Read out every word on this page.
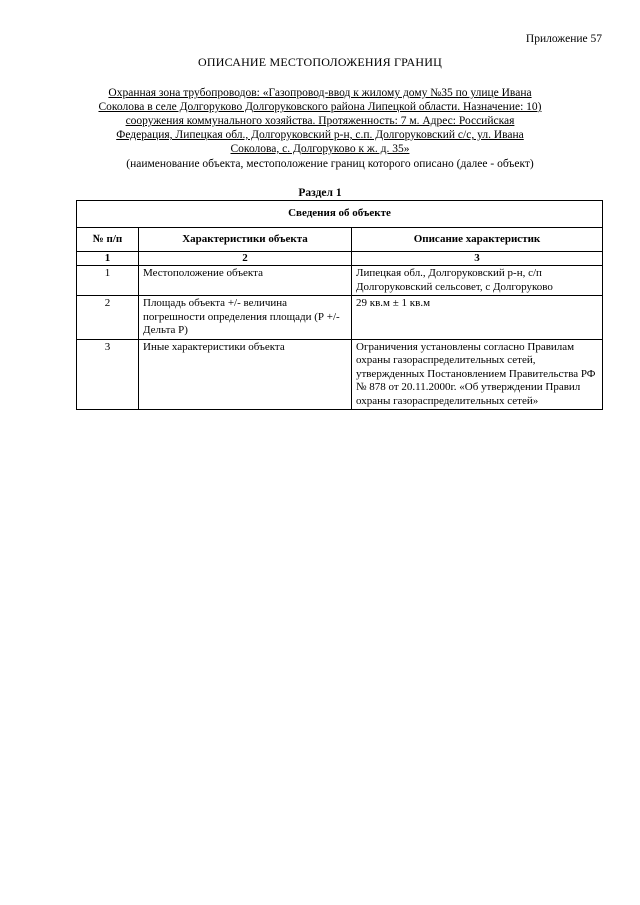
Приложение 57
ОПИСАНИЕ МЕСТОПОЛОЖЕНИЯ ГРАНИЦ
Охранная зона трубопроводов: «Газопровод-ввод к жилому дому №35 по улице Ивана Соколова в селе Долгоруково Долгоруковского района Липецкой области. Назначение: 10) сооружения коммунального хозяйства. Протяженность: 7 м. Адрес: Российская Федерация, Липецкая обл., Долгоруковский р-н, с.п. Долгоруковский с/с, ул. Ивана Соколова, с. Долгоруково к ж. д. 35»
(наименование объекта, местоположение границ которого описано (далее - объект)
Раздел 1
Сведения об объекте		
№ п/п	Характеристики объекта	Описание характеристик
1	2	3
1	Местоположение объекта	Липецкая обл., Долгоруковский р-н, с/п Долгоруковский сельсовет, с Долгоруково
2	Площадь объекта +/- величина погрешности определения площади (Р +/- Дельта Р)	29 кв.м ± 1 кв.м
3	Иные характеристики объекта	Ограничения установлены согласно Правилам охраны газораспределительных сетей, утвержденных Постановлением Правительства РФ № 878 от 20.11.2000г. «Об утверждении Правил охраны газораспределительных сетей»
